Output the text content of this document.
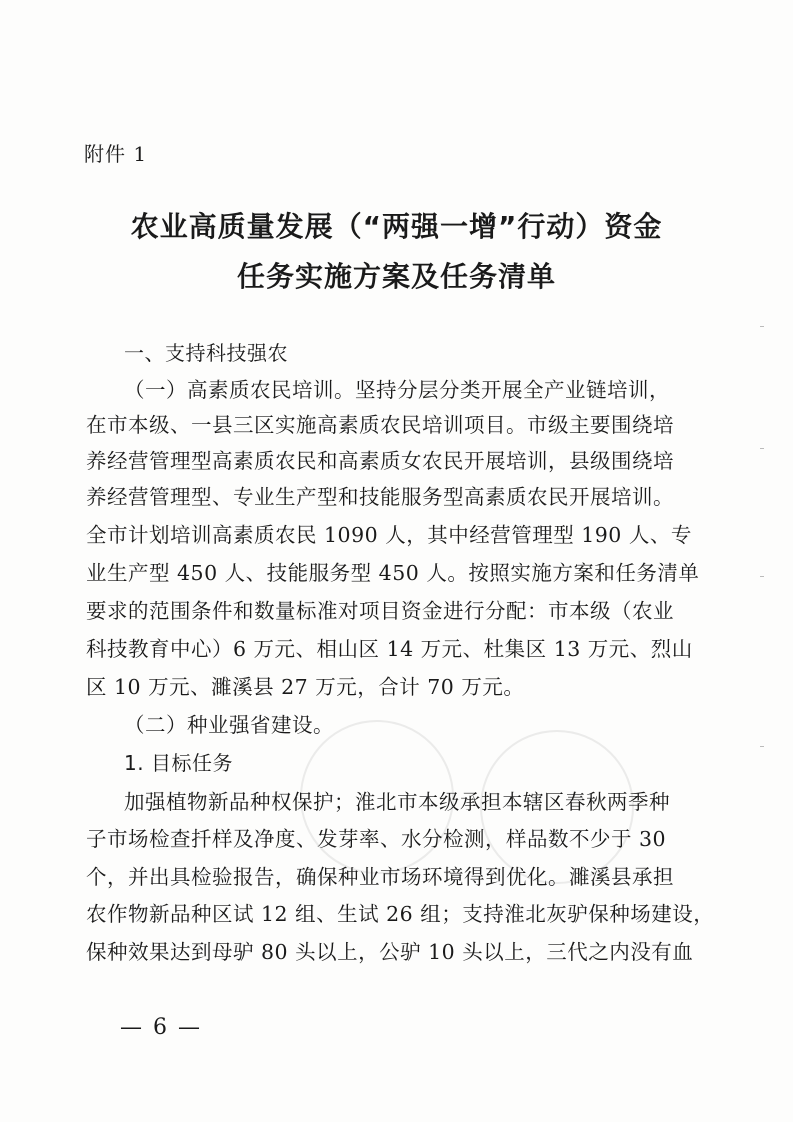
附件 1
农业高质量发展（“两强一增”行动）资金
任务实施方案及任务清单
一、支持科技强农
（一）高素质农民培训。坚持分层分类开展全产业链培训，
在市本级、一县三区实施高素质农民培训项目。市级主要围绕培
养经营管理型高素质农民和高素质女农民开展培训，县级围绕培
养经营管理型、专业生产型和技能服务型高素质农民开展培训。
全市计划培训高素质农民 1090 人，其中经营管理型 190 人、专
业生产型 450 人、技能服务型 450 人。按照实施方案和任务清单
要求的范围条件和数量标准对项目资金进行分配：市本级（农业
科技教育中心）6 万元、相山区 14 万元、杜集区 13 万元、烈山
区 10 万元、濉溪县 27 万元，合计 70 万元。
（二）种业强省建设。
1. 目标任务
加强植物新品种权保护；淮北市本级承担本辖区春秋两季种
子市场检查扦样及净度、发芽率、水分检测，样品数不少于 30
个，并出具检验报告，确保种业市场环境得到优化。濉溪县承担
农作物新品种区试 12 组、生试 26 组；支持淮北灰驴保种场建设，
保种效果达到母驴 80 头以上，公驴 10 头以上，三代之内没有血
— 6 —
